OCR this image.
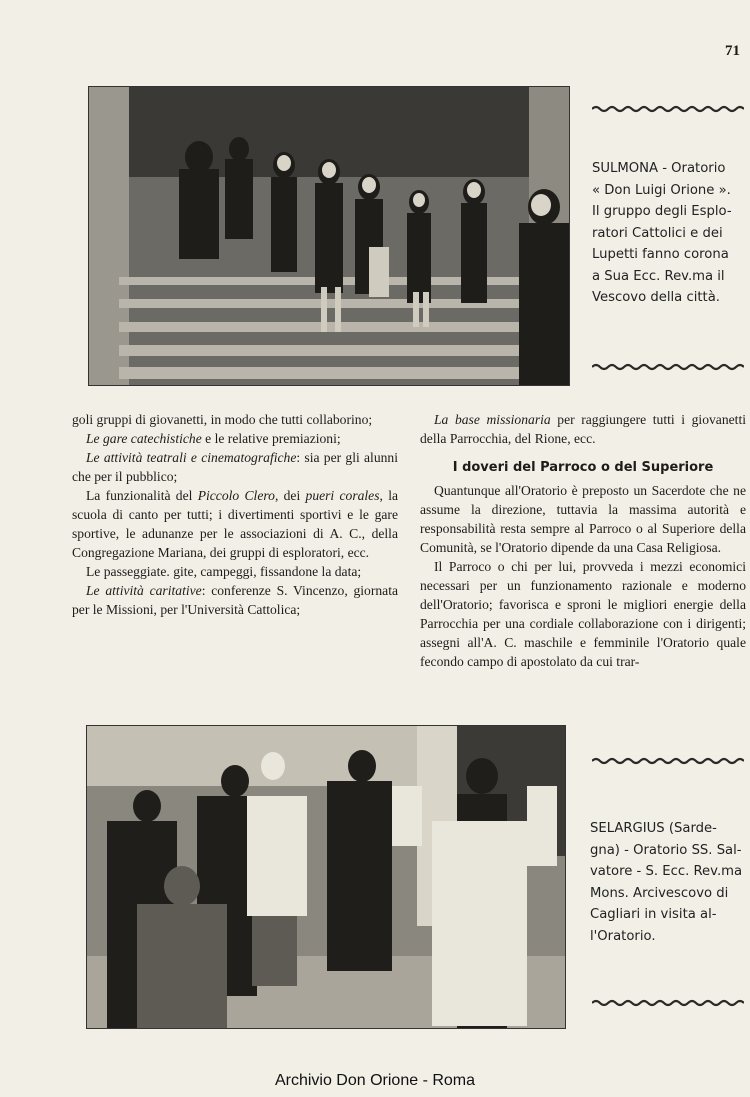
71

SULMONA - Oratorio

« Don Luigi Orione ».

Il gruppo degli Esplo-

ratori Cattolici e dei

Lupetti fanno corona

a Sua Ecc. Rev.ma il

Vescovo della città.

goli gruppi di giovanetti, in modo che tutti collaborino;

Le gare catechistiche e le relative premiazioni;

Le attività teatrali e cinematografiche: sia per gli alunni che per il pubblico;

La funzionalità del Piccolo Clero, dei pueri corales, la scuola di canto per tutti; i divertimenti sportivi e le gare sportive, le adunanze per le associazioni di A. C., della Congregazione Mariana, dei gruppi di esploratori, ecc.

Le passeggiate. gite, campeggi, fissandone la data;

Le attività caritative: conferenze S. Vincenzo, giornata per le Missioni, per l'Università Cattolica;

La base missionaria per raggiungere tutti i giovanetti della Parrocchia, del Rione, ecc.

I doveri del Parroco o del Superiore

Quantunque all'Oratorio è preposto un Sacerdote che ne assume la direzione, tuttavia la massima autorità e responsabilità resta sempre al Parroco o al Superiore della Comunità, se l'Oratorio dipende da una Casa Religiosa.

Il Parroco o chi per lui, provveda i mezzi economici necessari per un funzionamento razionale e moderno dell'Oratorio; favorisca e sproni le migliori energie della Parrocchia per una cordiale collaborazione con i dirigenti; assegni all'A. C. maschile e femminile l'Oratorio quale fecondo campo di apostolato da cui trar-

SELARGIUS (Sarde-

gna) - Oratorio SS. Sal-

vatore - S. Ecc. Rev.ma

Mons. Arcivescovo di

Cagliari in visita al-

l'Oratorio.

Archivio Don Orione - Roma
